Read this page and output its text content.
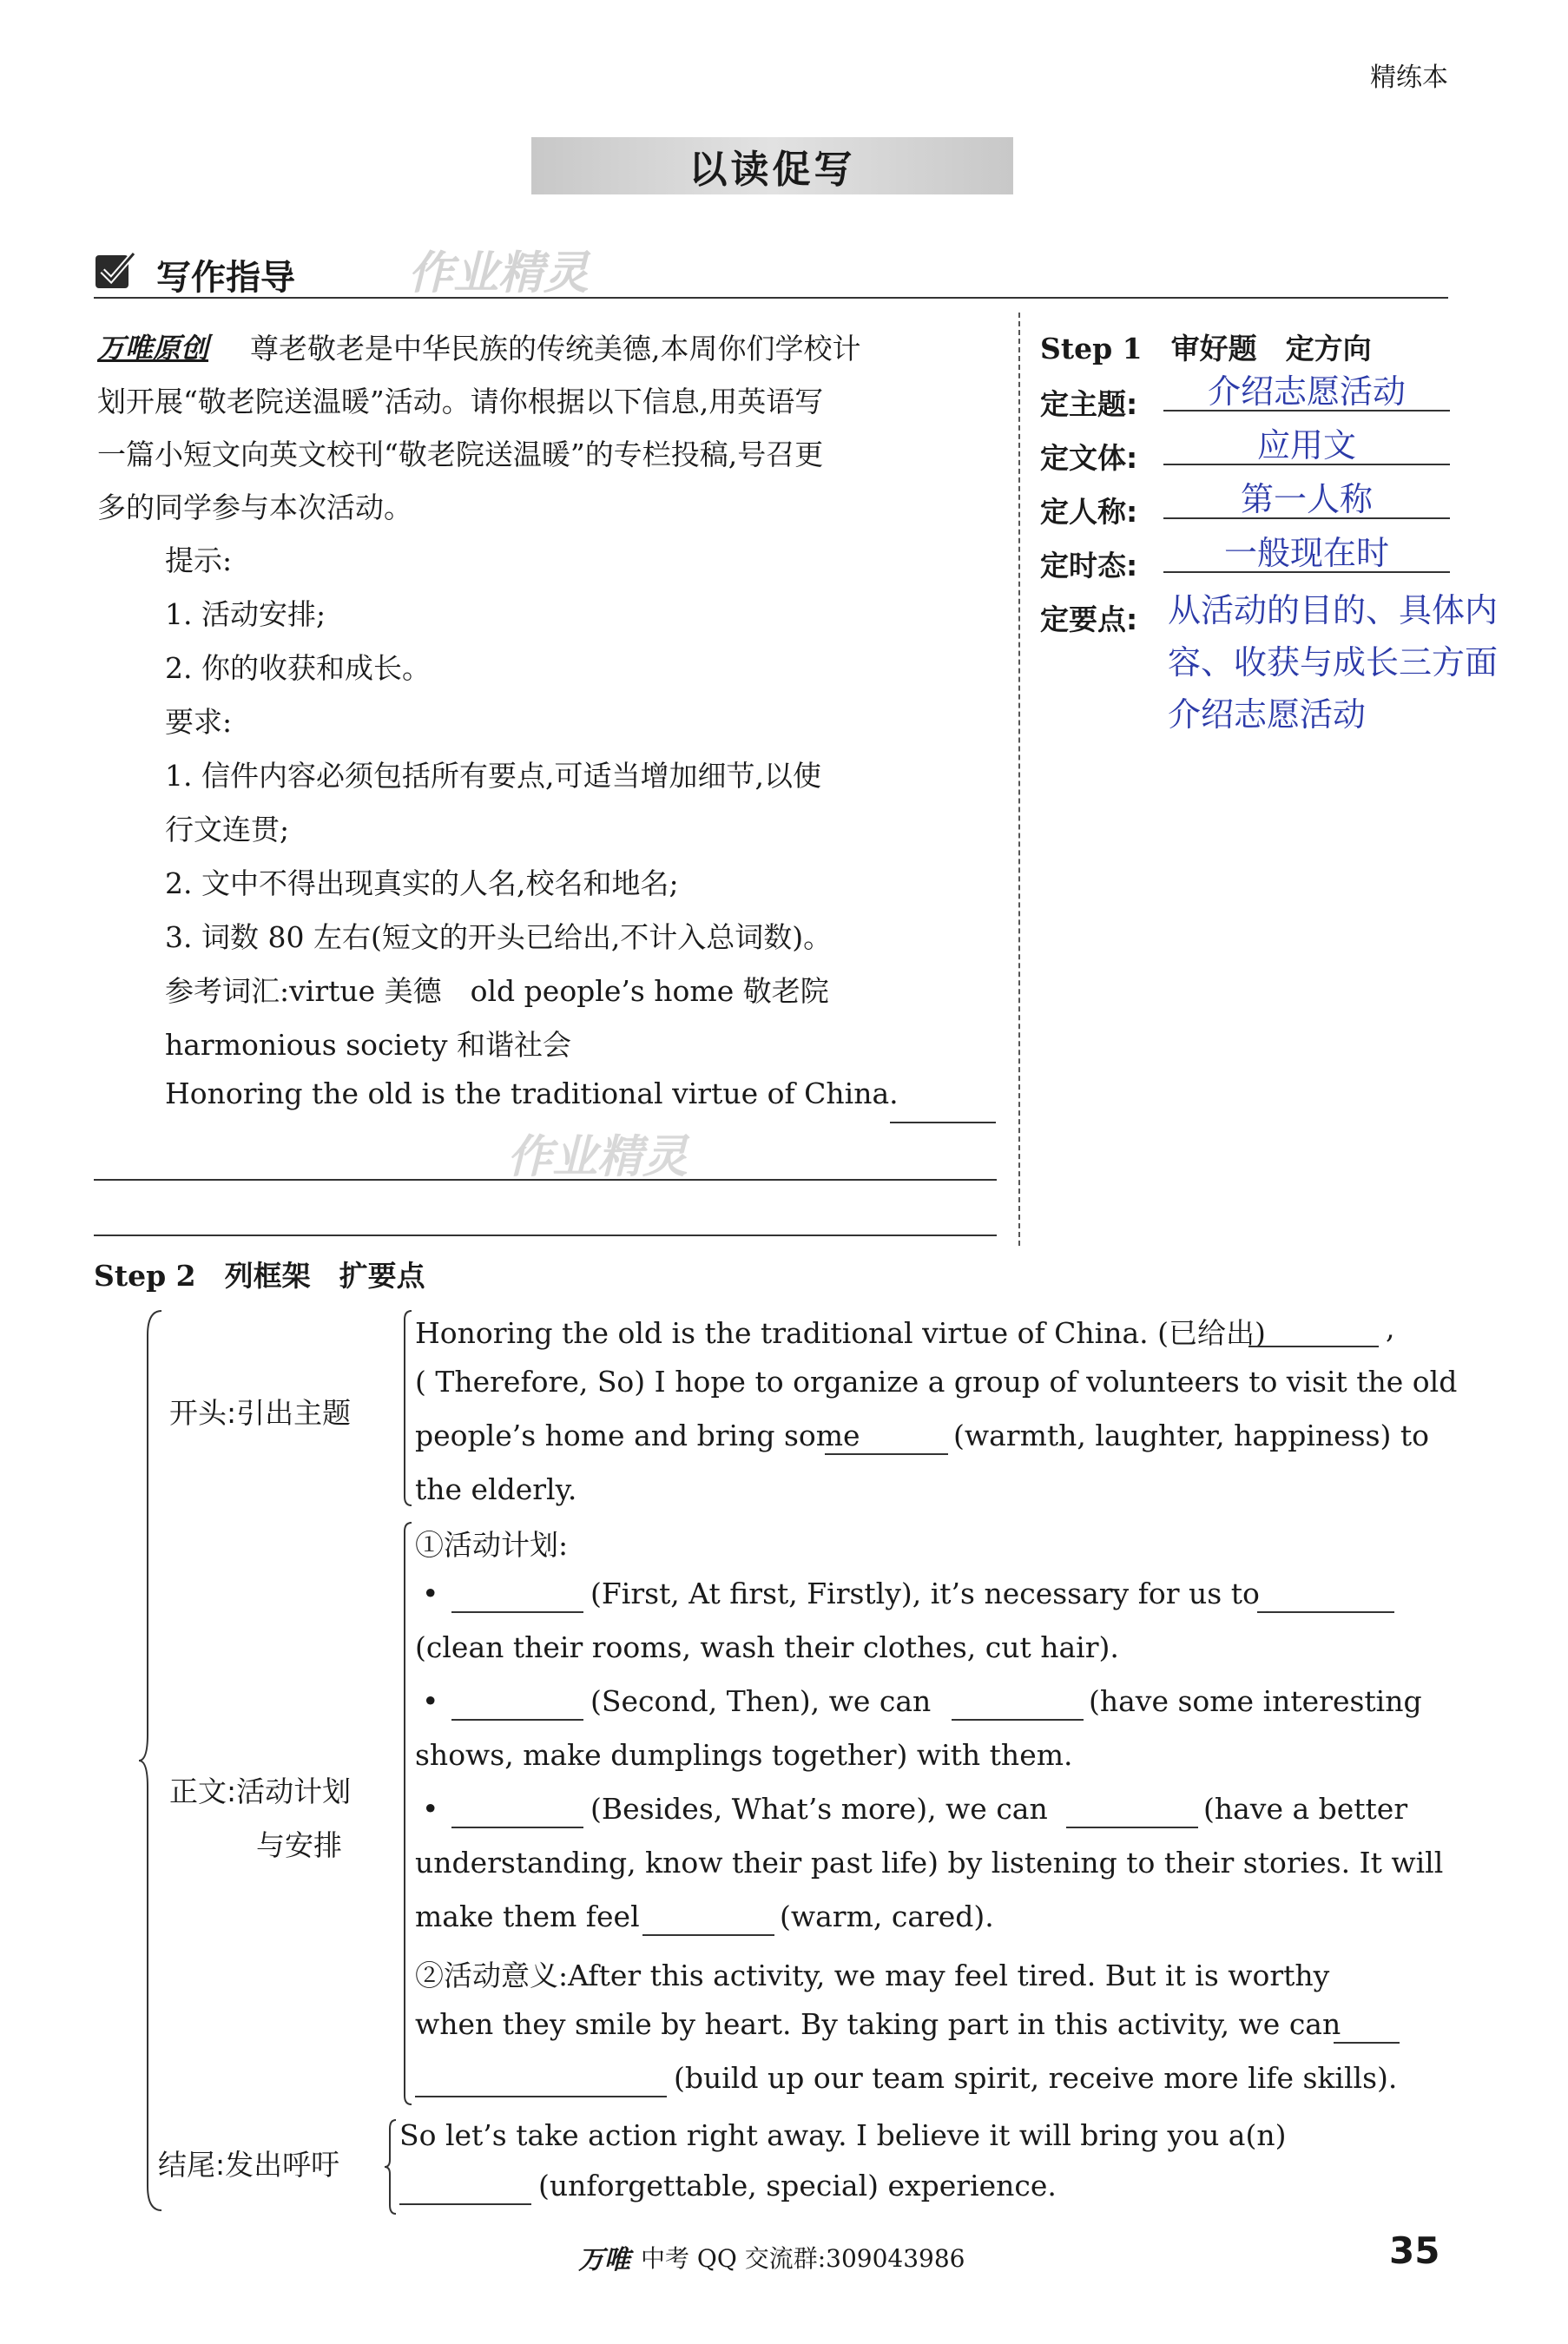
精练本
以读促写
写作指导	作业精灵
万唯原创 尊老敬老是中华民族的传统美德,本周你们学校计
划开展“敬老院送温暖”活动。请你根据以下信息,用英语写
一篇小短文向英文校刊“敬老院送温暖”的专栏投稿,号召更
多的同学参与本次活动。
提示:
1. 活动安排;
2. 你的收获和成长。
要求:
1. 信件内容必须包括所有要点,可适当增加细节,以使
行文连贯;
2. 文中不得出现真实的人名,校名和地名;
3. 词数 80 左右(短文的开头已给出,不计入总词数)。
参考词汇:virtue 美德　old people’s home 敬老院
harmonious society 和谐社会
Honoring the old is the traditional virtue of China.
作业精灵
Step 1　审好题　定方向
定主题:	介绍志愿活动
定文体:	应用文
定人称:	第一人称
定时态:	一般现在时
定要点: 从活动的目的、具体内
容、收获与成长三方面
介绍志愿活动
Step 2　列框架　扩要点
开头:引出主题
Honoring the old is the traditional virtue of China. (已给出)	,
( Therefore, So) I hope to organize a group of volunteers to visit the old
people’s home and bring some	(warmth, laughter, happiness) to
the elderly.
正文:活动计划
与安排
①活动计划:
•	(First, At first, Firstly), it’s necessary for us to
(clean their rooms, wash their clothes, cut hair).
•	(Second, Then), we can	(have some interesting
shows, make dumplings together) with them.
•	(Besides, What’s more), we can	(have a better
understanding, know their past life) by listening to their stories. It will
make them feel	(warm, cared).
②活动意义:After this activity, we may feel tired. But it is worthy
when they smile by heart. By taking part in this activity, we can
(build up our team spirit, receive more life skills).
结尾:发出呼吁
So let’s take action right away. I believe it will bring you a(n)
(unforgettable, special) experience.
万唯 中考 QQ 交流群:309043986	35
